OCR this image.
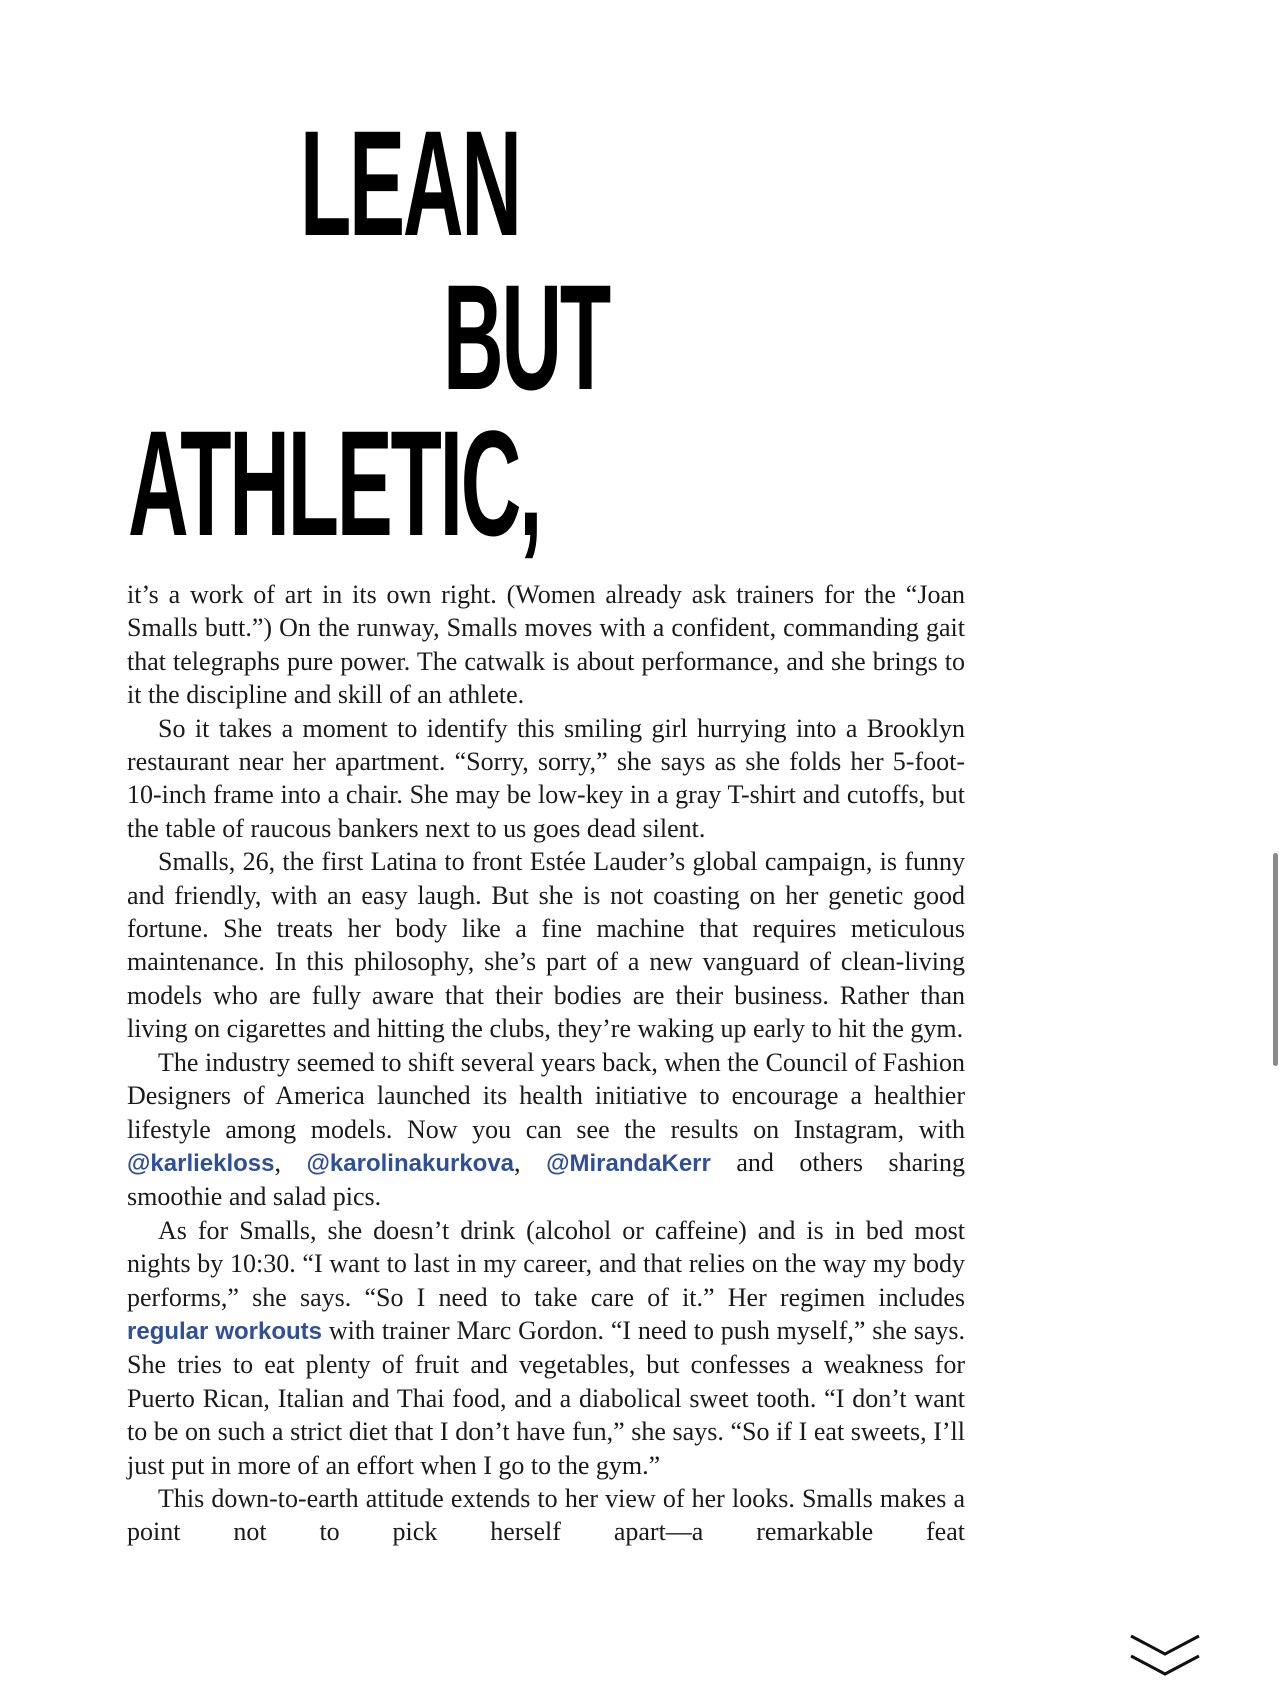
LEAN
BUT
ATHLETIC,

it’s a work of art in its own right. (Women already ask trainers for the “Joan Smalls butt.”) On the runway, Smalls moves with a confident, commanding gait that telegraphs pure power. The catwalk is about performance, and she brings to it the discipline and skill of an athlete.

So it takes a moment to identify this smiling girl hurrying into a Brooklyn restaurant near her apartment. “Sorry, sorry,” she says as she folds her 5-foot-10-inch frame into a chair. She may be low-key in a gray T-shirt and cutoffs, but the table of raucous bankers next to us goes dead silent.

Smalls, 26, the first Latina to front Estée Lauder’s global campaign, is funny and friendly, with an easy laugh. But she is not coasting on her genetic good fortune. She treats her body like a fine machine that requires meticulous maintenance. In this philosophy, she’s part of a new vanguard of clean-living models who are fully aware that their bodies are their business. Rather than living on cigarettes and hitting the clubs, they’re waking up early to hit the gym.

The industry seemed to shift several years back, when the Council of Fashion Designers of America launched its health initiative to encourage a healthier lifestyle among models. Now you can see the results on Instagram, with @karliekloss, @karolinakurkova, @MirandaKerr and others sharing smoothie and salad pics.

As for Smalls, she doesn’t drink (alcohol or caffeine) and is in bed most nights by 10:30. “I want to last in my career, and that relies on the way my body performs,” she says. “So I need to take care of it.” Her regimen includes regular workouts with trainer Marc Gordon. “I need to push myself,” she says. She tries to eat plenty of fruit and vegetables, but confesses a weakness for Puerto Rican, Italian and Thai food, and a diabolical sweet tooth. “I don’t want to be on such a strict diet that I don’t have fun,” she says. “So if I eat sweets, I’ll just put in more of an effort when I go to the gym.”

This down-to-earth attitude extends to her view of her looks. Smalls makes a point not to pick herself apart—a remarkable feat
